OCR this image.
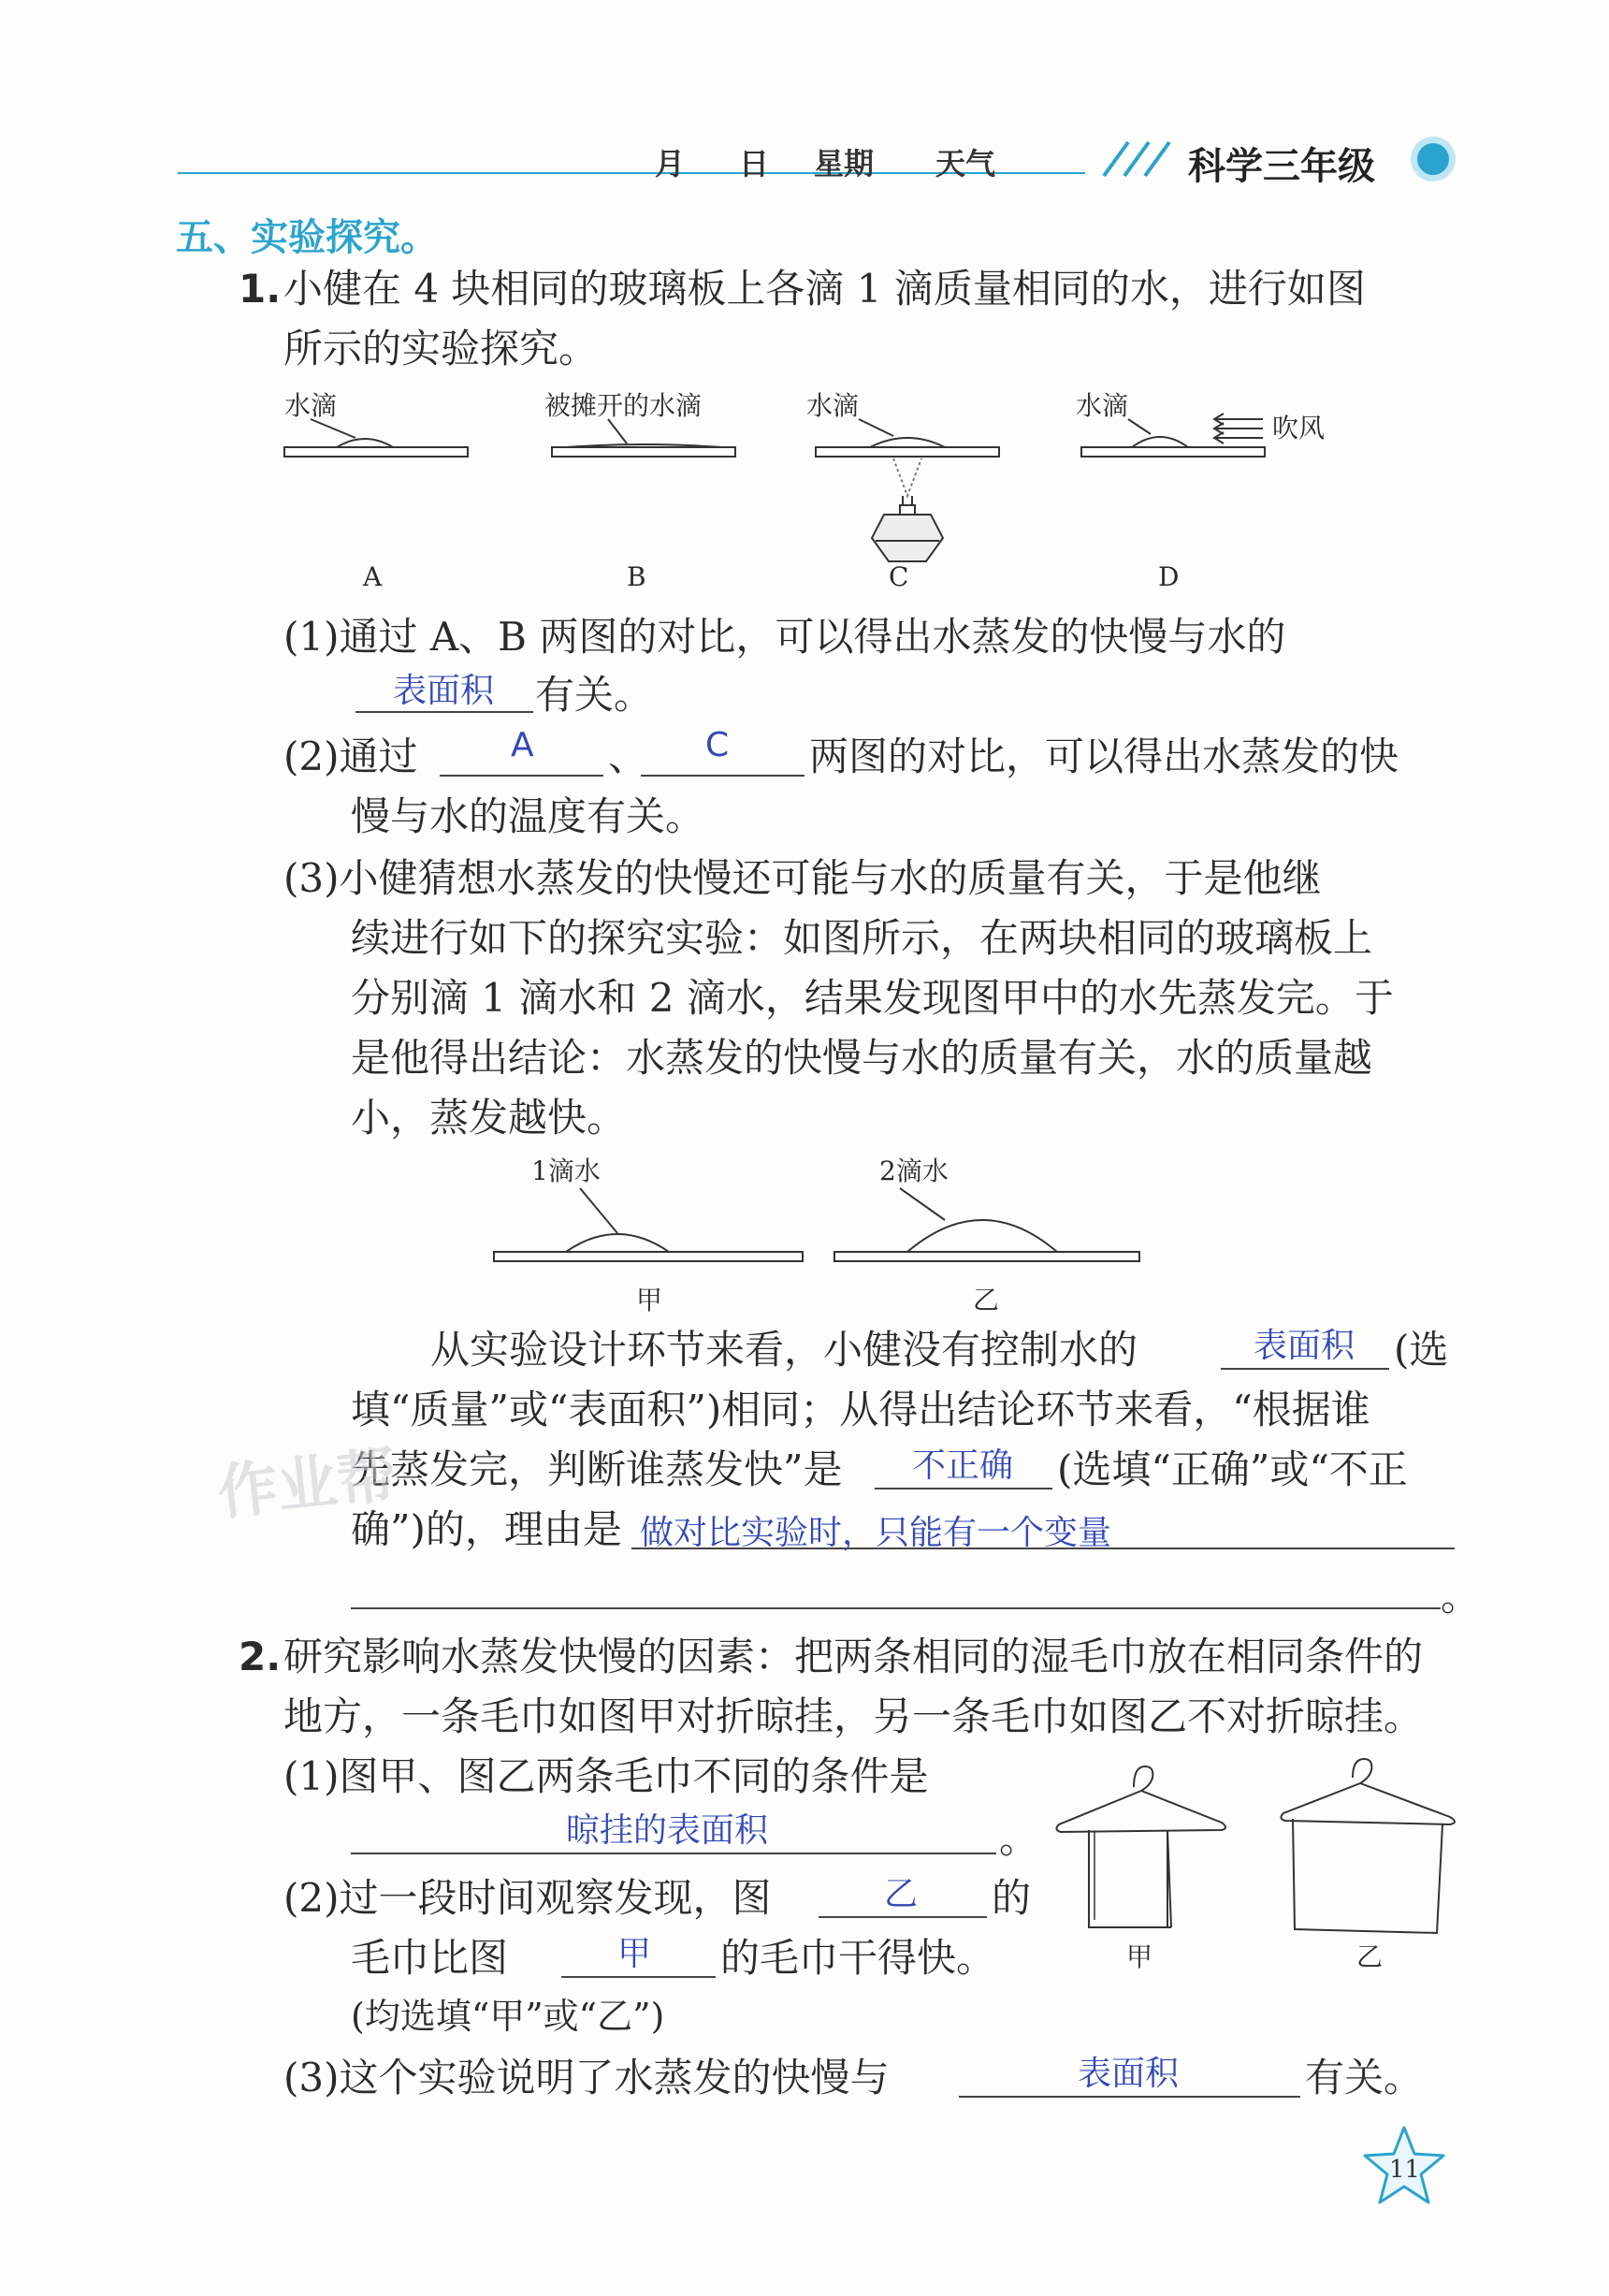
月 日 星期 天气	科学三年级
五、实验探究。
1. 小健在 4 块相同的玻璃板上各滴 1 滴质量相同的水，进行如图
所示的实验探究。
水滴	被摊开的水滴	水滴	水滴
吹风
A	B	C	D
(1)通过 A、B 两图的对比，可以得出水蒸发的快慢与水的
表面积 有关。
(2)通过	A 、 C 两图的对比，可以得出水蒸发的快
慢与水的温度有关。
(3)小健猜想水蒸发的快慢还可能与水的质量有关，于是他继
续进行如下的探究实验：如图所示，在两块相同的玻璃板上
分别滴 1 滴水和 2 滴水，结果发现图甲中的水先蒸发完。于
是他得出结论：水蒸发的快慢与水的质量有关，水的质量越
小，蒸发越快。
1滴水	2滴水
甲	乙
从实验设计环节来看，小健没有控制水的	表面积 (选
填“质量”或“表面积”)相同；从得出结论环节来看，“根据谁
先蒸发完，判断谁蒸发快”是 不正确 (选填“正确”或“不正
确”)的，理由是 做对比实验时，只能有一个变量
。
2. 研究影响水蒸发快慢的因素：把两条相同的湿毛巾放在相同条件的
地方，一条毛巾如图甲对折晾挂，另一条毛巾如图乙不对折晾挂。
(1)图甲、图乙两条毛巾不同的条件是
晾挂的表面积	。
(2)过一段时间观察发现，图	乙 的
毛巾比图	甲 的毛巾干得快。
(均选填“甲”或“乙”)
(3)这个实验说明了水蒸发的快慢与	表面积	有关。
甲	乙
作业帮
11
